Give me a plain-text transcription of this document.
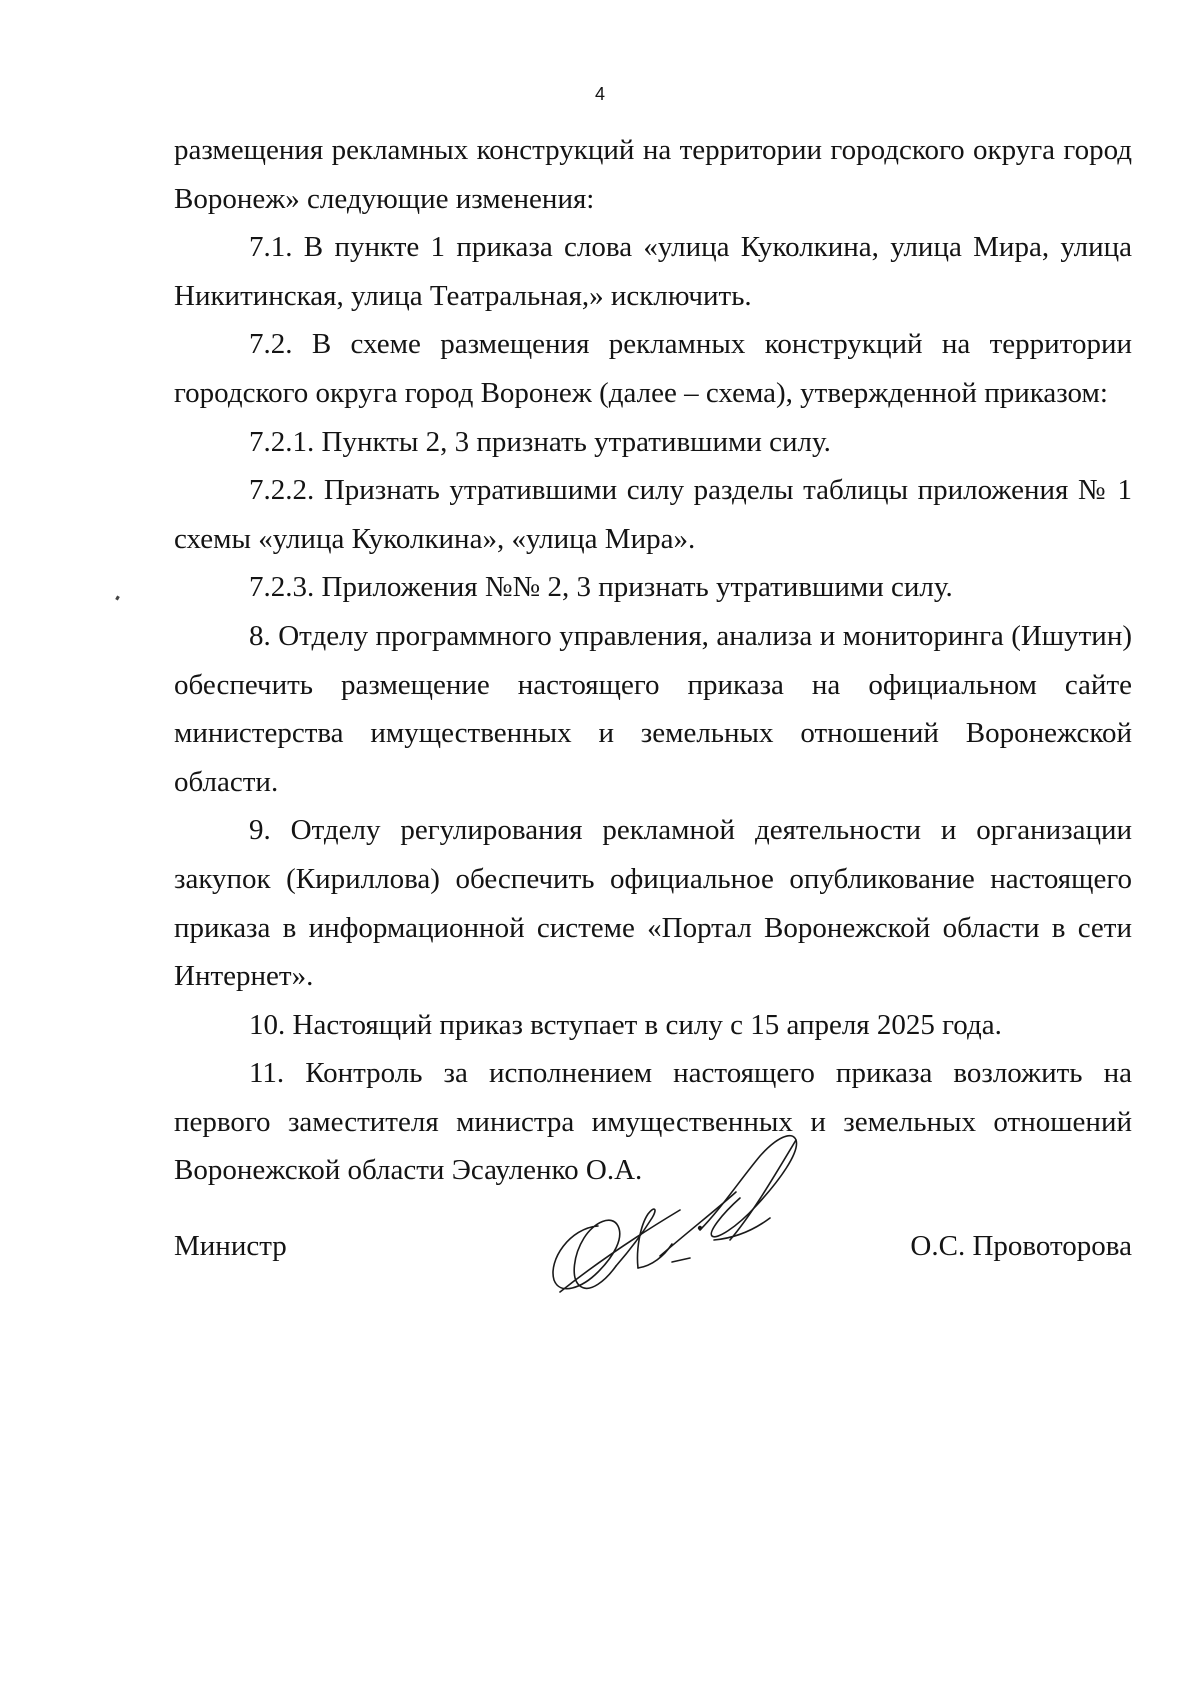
4

размещения рекламных конструкций на территории городского округа город Воронеж» следующие изменения:

7.1. В пункте 1 приказа слова «улица Куколкина, улица Мира, улица Никитинская, улица Театральная,» исключить.

7.2. В схеме размещения рекламных конструкций на территории городского округа город Воронеж (далее – схема), утвержденной приказом:

7.2.1. Пункты 2, 3 признать утратившими силу.

7.2.2. Признать утратившими силу разделы таблицы приложения № 1 схемы «улица Куколкина», «улица Мира».

7.2.3. Приложения №№ 2, 3 признать утратившими силу.

8. Отделу программного управления, анализа и мониторинга (Ишутин) обеспечить размещение настоящего приказа на официальном сайте министерства имущественных и земельных отношений Воронежской области.

9. Отделу регулирования рекламной деятельности и организации закупок (Кириллова) обеспечить официальное опубликование настоящего приказа в информационной системе «Портал Воронежской области в сети Интернет».

10. Настоящий приказ вступает в силу с 15 апреля 2025 года.

11. Контроль за исполнением настоящего приказа возложить на первого заместителя министра имущественных и земельных отношений Воронежской области Эсауленко О.А.

Министр	О.С. Провоторова
